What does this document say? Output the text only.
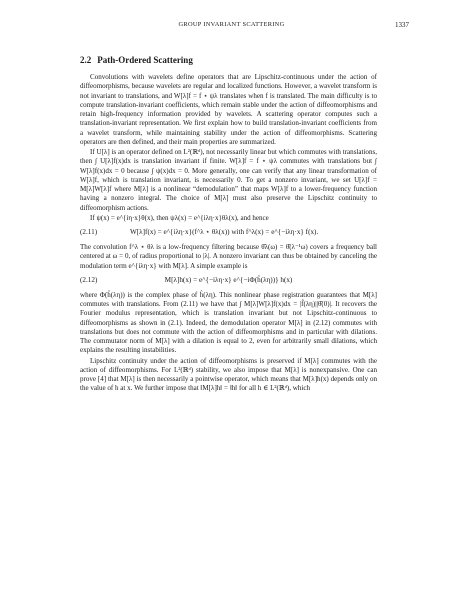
GROUP INVARIANT SCATTERING	1337
2.2 Path-Ordered Scattering

Convolutions with wavelets define operators that are Lipschitz-continuous under the action of diffeomorphisms, because wavelets are regular and localized functions. However, a wavelet transform is not invariant to translations, and W[λ]f = f ⋆ ψλ translates when f is translated. The main difficulty is to compute translation-invariant coefficients, which remain stable under the action of diffeomorphisms and retain high-frequency information provided by wavelets. A scattering operator computes such a translation-invariant representation. We first explain how to build translation-invariant coefficients from a wavelet transform, while maintaining stability under the action of diffeomorphisms. Scattering operators are then defined, and their main properties are summarized.

If U[λ] is an operator defined on L²(ℝᵈ), not necessarily linear but which commutes with translations, then ∫ U[λ]f(x)dx is translation invariant if finite. W[λ]f = f ⋆ ψλ commutes with translations but ∫ W[λ]f(x)dx = 0 because ∫ ψ(x)dx = 0. More generally, one can verify that any linear transformation of W[λ]f, which is translation invariant, is necessarily 0. To get a nonzero invariant, we set U[λ]f = M[λ]W[λ]f where M[λ] is a nonlinear “demodulation” that maps W[λ]f to a lower-frequency function having a nonzero integral. The choice of M[λ] must also preserve the Lipschitz continuity to diffeomorphism actions.

If ψ(x) = e^{iη·x}θ(x), then ψλ(x) = e^{iλη·x}θλ(x), and hence

(2.11)	W[λ]f(x) = e^{iλη·x}(f^λ ⋆ θλ(x)) with f^λ(x) = e^{−iλη·x} f(x).

The convolution f^λ ⋆ θλ is a low-frequency filtering because θ̂λ(ω) = θ̂(λ⁻¹ω) covers a frequency ball centered at ω = 0, of radius proportional to |λ|. A nonzero invariant can thus be obtained by canceling the modulation term e^{iλη·x} with M[λ]. A simple example is

(2.12)	M[λ]h(x) = e^{−iλη·x} e^{−iΦ(ĥ(λη))} h(x)

where Φ(ĥ(λη)) is the complex phase of ĥ(λη). This nonlinear phase registration guarantees that M[λ] commutes with translations. From (2.11) we have that ∫ M[λ]W[λ]f(x)dx = |f̂(λη)||θ̂(0)|. It recovers the Fourier modulus representation, which is translation invariant but not Lipschitz-continuous to diffeomorphisms as shown in (2.1). Indeed, the demodulation operator M[λ] in (2.12) commutes with translations but does not commute with the action of diffeomorphisms and in particular with dilations. The commutator norm of M[λ] with a dilation is equal to 2, even for arbitrarily small dilations, which explains the resulting instabilities.

Lipschitz continuity under the action of diffeomorphisms is preserved if M[λ] commutes with the action of diffeomorphisms. For L²(ℝᵈ) stability, we also impose that M[λ] is nonexpansive. One can prove [4] that M[λ] is then necessarily a pointwise operator, which means that M[λ]h(x) depends only on the value of h at x. We further impose that ‖M[λ]h‖ = ‖h‖ for all h ∈ L²(ℝᵈ), which
